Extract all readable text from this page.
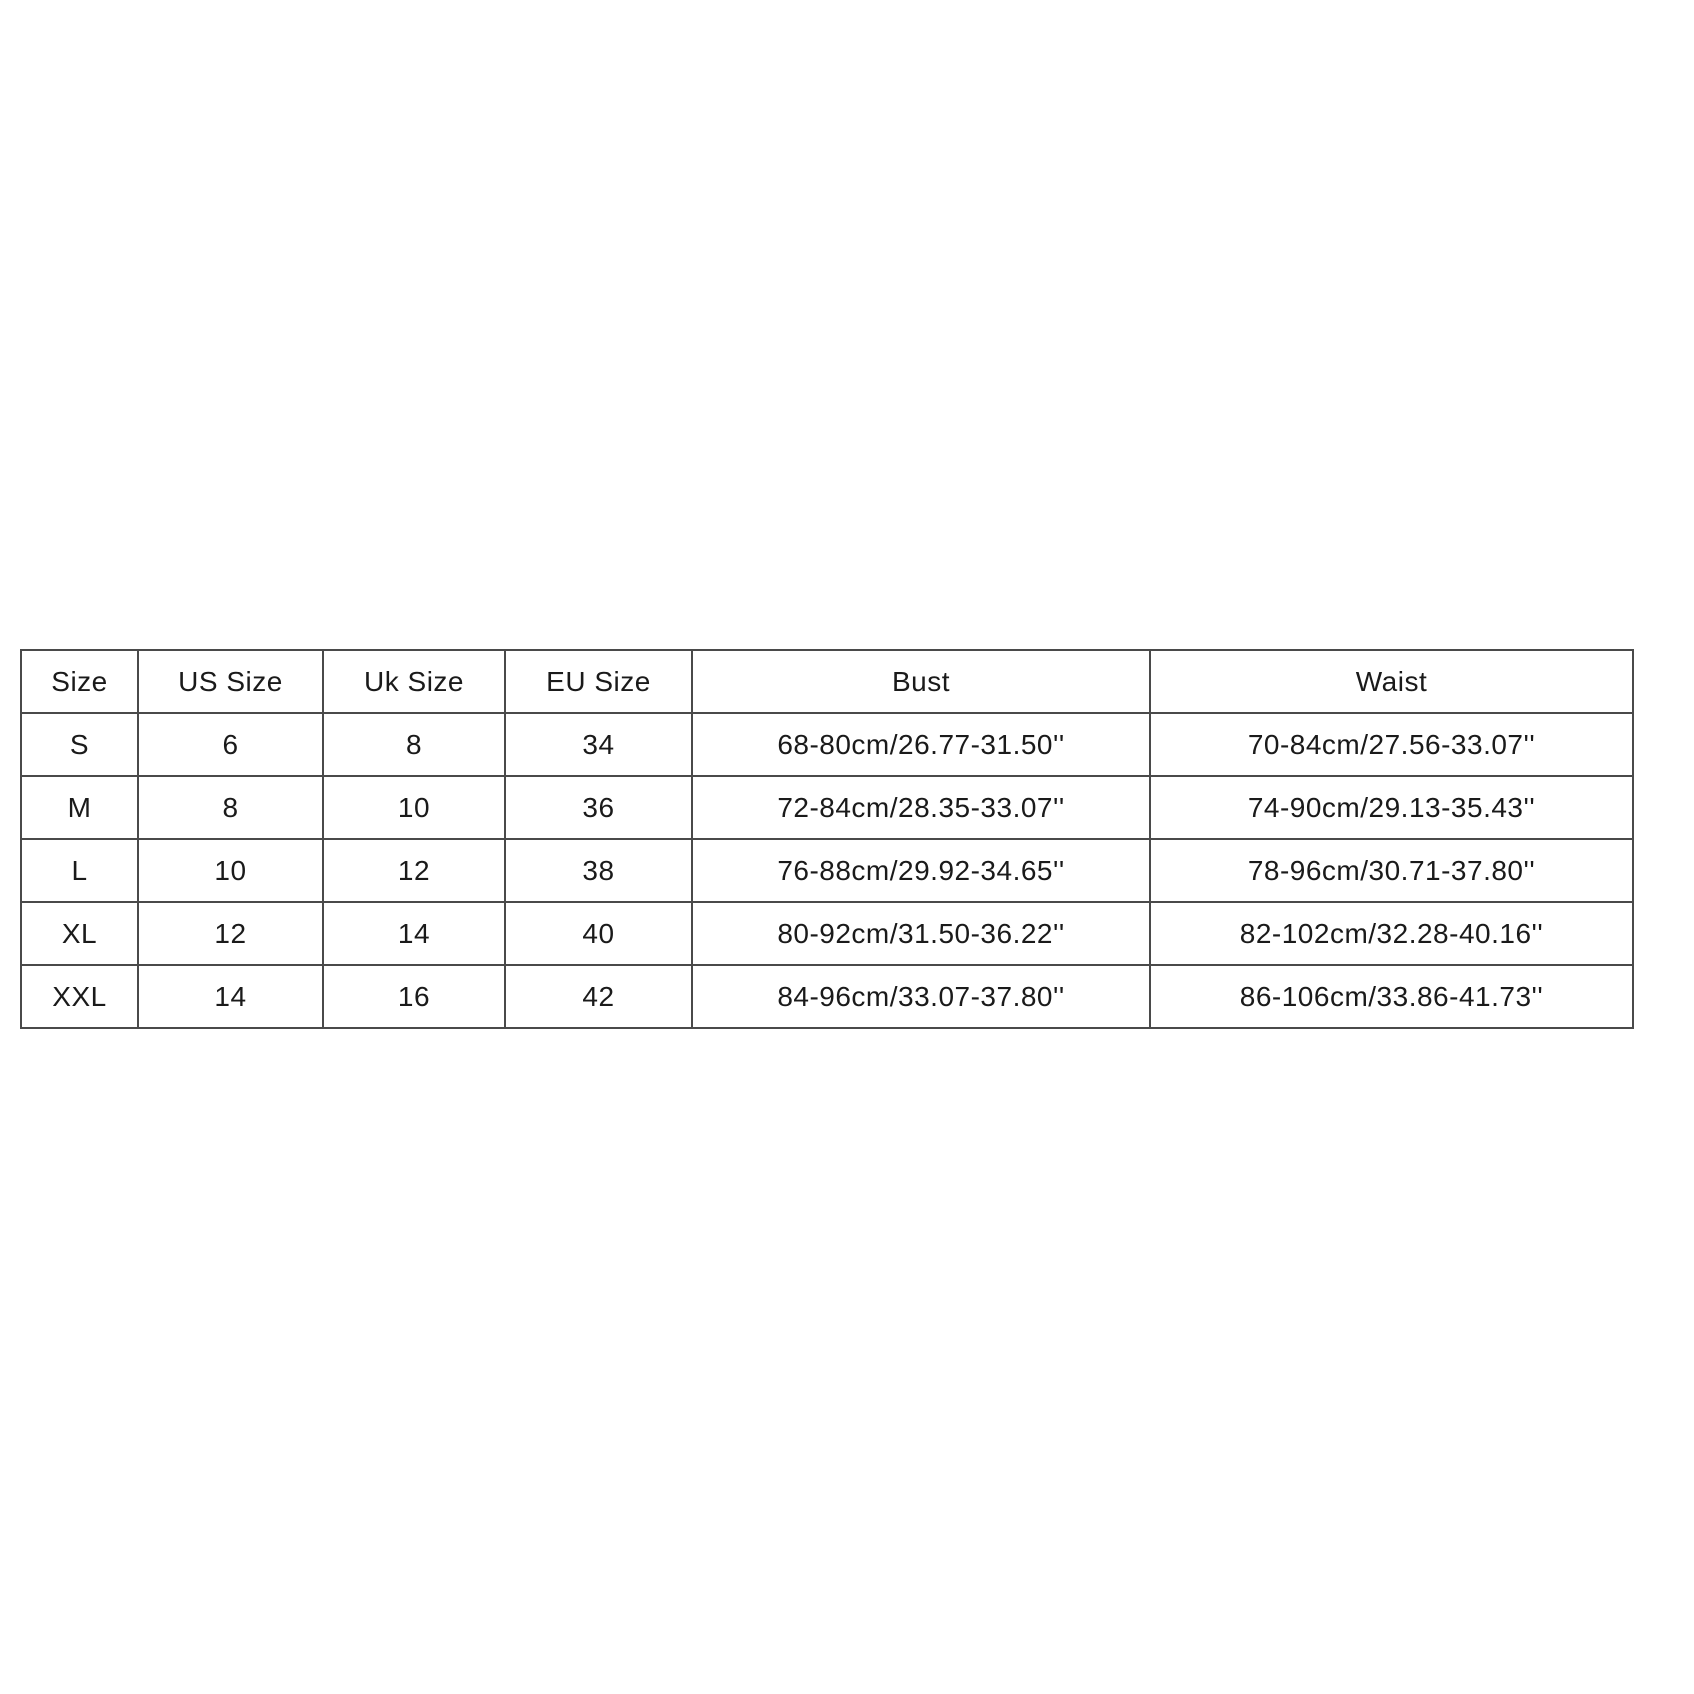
Size	US Size	Uk Size	EU Size	Bust	Waist
S	6	8	34	68-80cm/26.77-31.50''	70-84cm/27.56-33.07''
M	8	10	36	72-84cm/28.35-33.07''	74-90cm/29.13-35.43''
L	10	12	38	76-88cm/29.92-34.65''	78-96cm/30.71-37.80''
XL	12	14	40	80-92cm/31.50-36.22''	82-102cm/32.28-40.16''
XXL	14	16	42	84-96cm/33.07-37.80''	86-106cm/33.86-41.73''
